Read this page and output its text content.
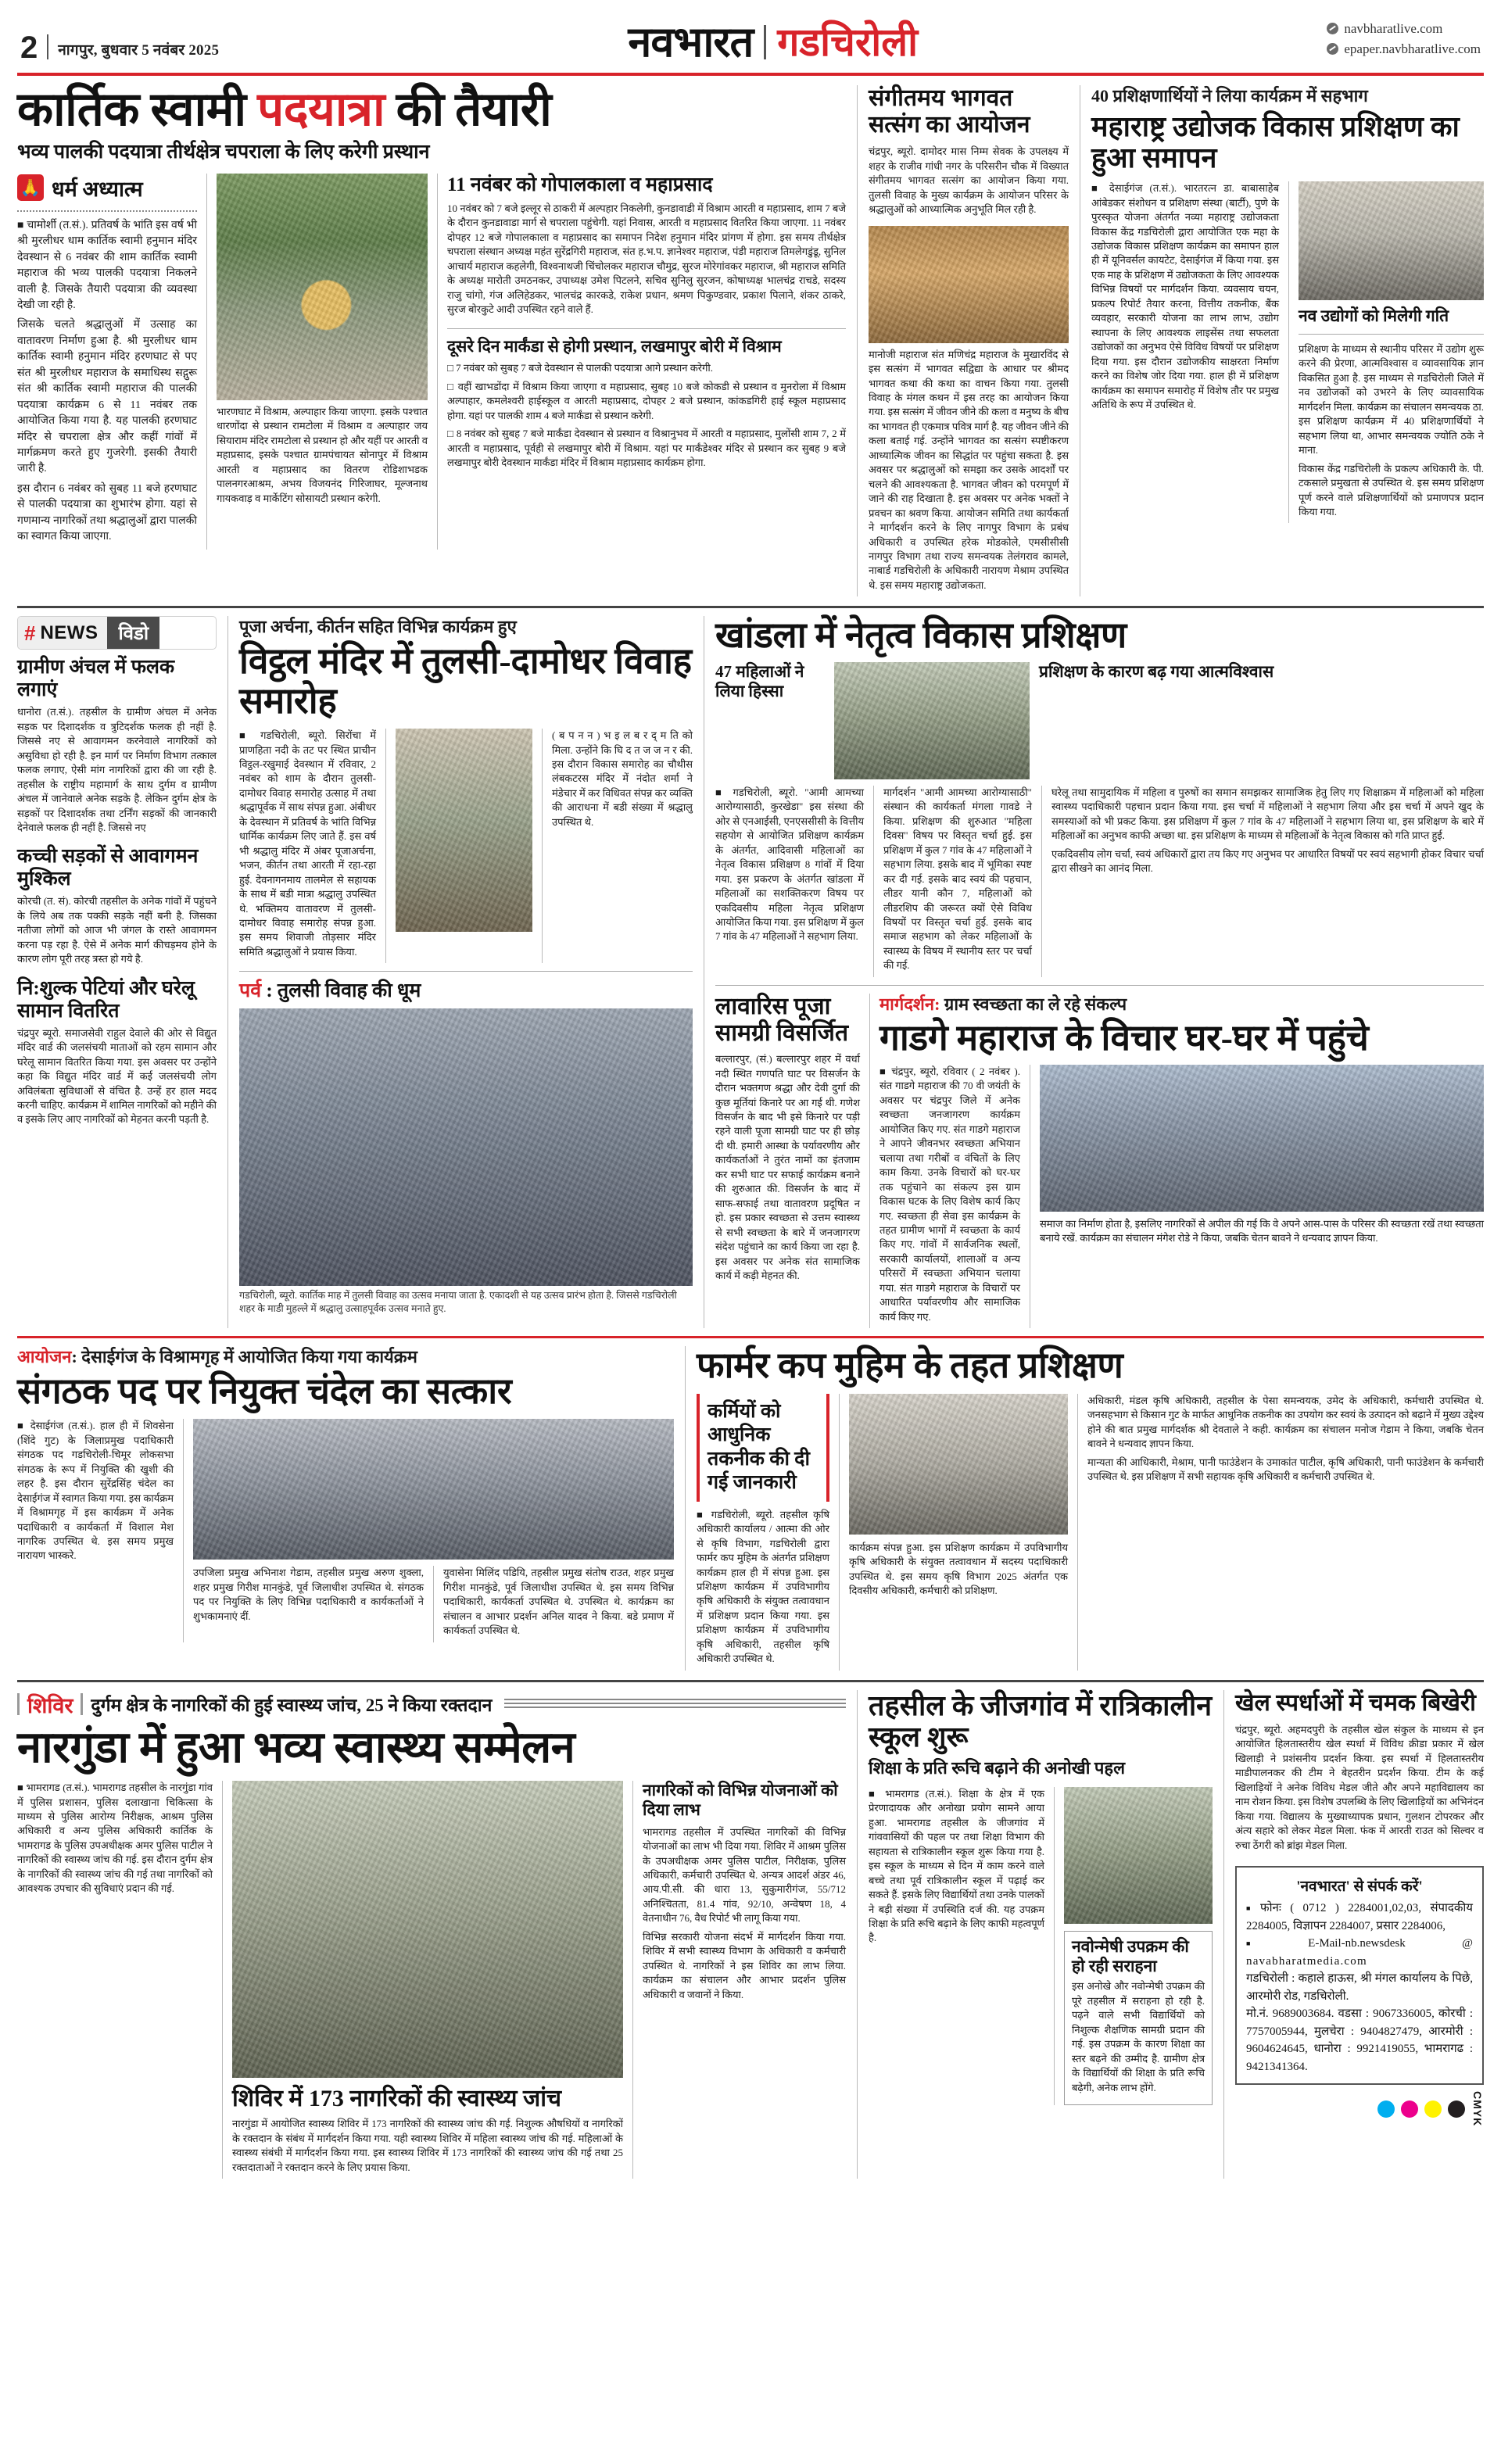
2 नागपुर, बुधवार 5 नवंबर 2025	नवभारत गडचिरोली	navbharatlive.com
epaper.navbharatlive.com
कार्तिक स्वामी पदयात्रा की तैयारी
भव्य पालकी पदयात्रा तीर्थक्षेत्र चपराला के लिए करेगी प्रस्थान
🙏 धर्म अध्यात्म

■ चामोर्शी (त.सं.). प्रतिवर्ष के भांति इस वर्ष भी श्री मुरलीधर धाम कार्तिक स्वामी हनुमान मंदिर देवस्थान से 6 नवंबर की शाम कार्तिक स्वामी महाराज की भव्य पालकी पदयात्रा निकलने वाली है. जिसके तैयारी पदयात्रा की व्यवस्था देखी जा रही है.

जिसके चलते श्रद्धालुओं में उत्साह का वातावरण निर्माण हुआ है. श्री मुरलीधर धाम कार्तिक स्वामी हनुमान मंदिर हरणघाट से पए संत श्री मुरलीधर महाराज के समाधिस्थ सद्गुरू संत श्री कार्तिक स्वामी महाराज की पालकी पदयात्रा कार्यक्रम 6 से 11 नवंबर तक आयोजित किया गया है. यह पालकी हरणघाट मंदिर से चपराला क्षेत्र और कहीं गांवों में मार्गक्रमण करते हुए गुजरेगी. इसकी तैयारी जारी है.

इस दौरान 6 नवंबर को सुबह 11 बजे हरणघाट से पालकी पदयात्रा का शुभारंभ होगा. यहां से गणमान्य नागरिकों तथा श्रद्धालुओं द्वारा पालकी का स्वागत किया जाएगा.

भारणघाट में विश्राम, अल्पाहार किया जाएगा. इसके पश्चात धारणोंदा से प्रस्थान रामटोला में विश्राम व अल्पाहार जय सियाराम मंदिर रामटोला से प्रस्थान हो और यहीं पर आरती व महाप्रसाद, इसके पश्चात ग्रामपंचायत सोनापुर में विश्राम आरती व महाप्रसाद का वितरण रोडिशाभडक पालनगरआश्रम, अभय विजयनंद गिरिजाघर, मूल्जनाथ गायकवाड़ व मार्केटिंग सोसायटी प्रस्थान करेगी.

11 नवंबर को गोपालकाला व महाप्रसाद

10 नवंबर को 7 बजे इल्लूर से ठाकरी में अल्पहार निकलेगी, कुनडावाडी में विश्राम आरती व महाप्रसाद, शाम 7 बजे के दौरान कुनडावाडा मार्ग से चपराला पहुंचेगी. यहां निवास, आरती व महाप्रसाद वितरित किया जाएगा. 11 नवंबर दोपहर 12 बजे गोपालकाला व महाप्रसाद का समापन निदेश हनुमान मंदिर प्रांगण में होगा. इस समय तीर्थक्षेत्र चपराला संस्थान अध्यक्ष महंत सुरेंद्रगिरी महाराज, संत ह.भ.प. ज्ञानेश्वर महाराज, पंडी महाराज तिमलेगडुंडू, सुनिल आचार्य महाराज कहलेगी, विश्वनाथजी चिंचोलकर महाराज चौमुद्र, सुरज मोरेगांवकर महाराज, श्री महाराज समिति के अध्यक्ष मारोती उमठनकर, उपाध्यक्ष उमेश पिटलने, सचिव सुनिलु सुरजन, कोषाध्यक्ष भालचंद्र राचडे, सदस्य राजु चांगो, गंज अलिहेडकर, भालचंद्र कारकडे, राकेश प्रधान, श्रमण पिकुण्डवार, प्रकाश पिलाने, शंकर ठाकरे, सुरज बोरकुटे आदी उपस्थित रहने वाले हैं.

दूसरे दिन मार्कंडा से होगी प्रस्थान, लखमापुर बोरी में विश्राम

□ 7 नवंबर को सुबह 7 बजे देवस्थान से पालकी पदयात्रा आगे प्रस्थान करेगी.

□ वहीं खाभडोंदा में विश्राम किया जाएगा व महाप्रसाद, सुबह 10 बजे कोकडी से प्रस्थान व मुनरोला में विश्राम अल्पाहार, कमलेश्वरी हाईस्कूल व आरती महाप्रसाद, दोपहर 2 बजे प्रस्थान, कांकडगिरी हाई स्कूल महाप्रसाद होगा. यहां पर पालकी शाम 4 बजे मार्कंडा से प्रस्थान करेगी.

□ 8 नवंबर को सुबह 7 बजे मार्कंडा देवस्थान से प्रस्थान व विश्रानुभव में आरती व महाप्रसाद, मुलोंसी शाम 7, 2 में आरती व महाप्रसाद, पूर्वही से लखमापुर बोरी में विश्राम. यहां पर मार्कंडेश्वर मंदिर से प्रस्थान कर सुबह 9 बजे लखमापुर बोरी देवस्थान मार्कंडा मंदिर में विश्राम महाप्रसाद कार्यक्रम होगा.

संगीतमय भागवत
सत्संग का आयोजन

चंद्रपुर, ब्यूरो. दामोदर मास निम्म सेवक के उपलक्ष्य में शहर के राजीव गांधी नगर के परिसरीन चौक में विख्यात संगीतमय भागवत सत्संग का आयोजन किया गया. तुलसी विवाह के मुख्य कार्यक्रम के आयोजन परिसर के श्रद्धालुओं को आध्यात्मिक अनुभूति मिल रही है.

मानोजी महाराज संत मणिचंद्र महाराज के मुखारविंद से इस सत्संग में भागवत सद्विद्या के आधार पर श्रीमद भागवत कथा की कथा का वाचन किया गया. तुलसी विवाह के मंगल कथन में इस तरह का आयोजन किया गया. इस सत्संग में जीवन जीने की कला व मनुष्य के बीच का भागवत ही एकमात्र पवित्र मार्ग है. यह जीवन जीने की कला बताई गई. उन्होंने भागवत का सत्संग स्पष्टीकरण आध्यात्मिक जीवन का सिद्धांत पर पहुंचा सकता है. इस अवसर पर श्रद्धालुओं को समझा कर उसके आदर्शों पर चलने की आवश्यकता है. भागवत जीवन को परमपूर्ण में जाने की राह दिखाता है. इस अवसर पर अनेक भक्तों ने प्रवचन का श्रवण किया. आयोजन समिति तथा कार्यकर्ता ने मार्गदर्शन करने के लिए नागपुर विभाग के प्रबंध अधिकारी व उपस्थित हरेक मोडकोले, एमसीसीसी नागपुर विभाग तथा राज्य समन्वयक तेलंगराव कामले, नाबार्ड गडचिरोली के अधिकारी नारायण मेश्राम उपस्थित थे. इस समय महाराष्ट्र उद्योजकता.

40 प्रशिक्षणार्थियों ने लिया कार्यक्रम में सहभाग
महाराष्ट्र उद्योजक विकास प्रशिक्षण का हुआ समापन

■ देसाईगंज (त.सं.). भारतरत्न डा. बाबासाहेब आंबेडकर संशोधन व प्रशिक्षण संस्था (बार्टी), पुणे के पुरस्कृत योजना अंतर्गत नव्या महाराष्ट्र उद्योजकता विकास केंद्र गडचिरोली द्वारा आयोजित एक महा के उद्योजक विकास प्रशिक्षण कार्यक्रम का समापन हाल ही में यूनिवर्सल कायटेट, देसाईगंज में किया गया. इस एक माह के प्रशिक्षण में उद्योजकता के लिए आवश्यक विभिन्न विषयों पर मार्गदर्शन किया. व्यवसाय चयन, प्रकल्प रिपोर्ट तैयार करना, वित्तीय तकनीक, बैंक व्यवहार, सरकारी योजना का लाभ लाभ, उद्योग स्थापना के लिए आवश्यक लाइसेंस तथा सफलता उद्योजकों का अनुभव ऐसे विविध विषयों पर प्रशिक्षण दिया गया. इस दौरान उद्योजकीय साक्षरता निर्माण करने का विशेष जोर दिया गया. हाल ही में प्रशिक्षण कार्यक्रम का समापन समारोह में विशेष तौर पर प्रमुख अतिथि के रूप में उपस्थित थे.

नव उद्योगों को मिलेगी गति

प्रशिक्षण के माध्यम से स्थानीय परिसर में उद्योग शुरू करने की प्रेरणा, आत्मविश्वास व व्यावसायिक ज्ञान विकसित हुआ है. इस माध्यम से गडचिरोली जिले में नव उद्योजकों को उभरने के लिए व्यावसायिक मार्गदर्शन मिला. कार्यक्रम का संचालन समन्वयक ठा. इस प्रशिक्षण कार्यक्रम में 40 प्रशिक्षणार्थियों ने सहभाग लिया था, आभार समन्वयक ज्योति ठके ने माना.

विकास केंद्र गडचिरोली के प्रकल्प अधिकारी के. पी. टकसाले प्रमुखता से उपस्थित थे. इस समय प्रशिक्षण पूर्ण करने वाले प्रशिक्षणार्थियों को प्रमाणपत्र प्रदान किया गया.

# NEWS	विडो
ग्रामीण अंचल में फलक लगाएं

धानोरा (त.सं.). तहसील के ग्रामीण अंचल में अनेक सड़क पर दिशादर्शक व त्रुटिदर्शक फलक ही नहीं है. जिससे नए से आवागमन करनेवाले नागरिकों को असुविधा हो रही है. इन मार्ग पर निर्माण विभाग तत्काल फलक लगाए, ऐसी मांग नागरिकों द्वारा की जा रही है. तहसील के राष्ट्रीय महामार्ग के साथ दुर्गम व ग्रामीण अंचल में जानेवाले अनेक सड़के है. लेकिन दुर्गम क्षेत्र के सड़कों पर दिशादर्शक तथा टर्निंग सड़कों की जानकारी देनेवाले फलक ही नहीं है. जिससे नए

कच्ची सड़कों से आवागमन मुश्किल

कोरची (त. सं). कोरची तहसील के अनेक गांवों में पहुंचने के लिये अब तक पक्की सड़के नहीं बनी है. जिसका नतीजा लोगों को आज भी जंगल के रास्ते आवागमन करना पड़ रहा है. ऐसे में अनेक मार्ग कीचड़मय होने के कारण लोग पूरी तरह त्रस्त हो गये है.

नि:शुल्क पेटियां और घरेलू सामान वितरित

चंद्रपुर ब्यूरो. समाजसेवी राहुल देवाले की ओर से विद्युत मंदिर वार्ड की जलसंचयी माताओं को रहम सामान और घरेलू सामान वितरित किया गया. इस अवसर पर उन्होंने कहा कि विद्युत मंदिर वार्ड में कई जलसंचयी लोग अविलंबता सुविधाओं से वंचित है. उन्हें हर हाल मदद करनी चाहिए. कार्यक्रम में शामिल नागरिकों को महीने की व इसके लिए आए नागरिकों को मेहनत करनी पड़ती है.

पूजा अर्चना, कीर्तन सहित विभिन्न कार्यक्रम हुए
विट्ठल मंदिर में तुलसी-दामोधर विवाह समारोह

■ गडचिरोली, ब्यूरो. सिरोंचा में प्राणहिता नदी के तट पर स्थित प्राचीन विट्ठल-रखुमाई देवस्थान में रविवार, 2 नवंबर को शाम के दौरान तुलसी-दामोधर विवाह समारोह उत्साह में तथा श्रद्धापूर्वक में साथ संपन्न हुआ. अंबीधर के देवस्थान में प्रतिवर्ष के भांति विभिन्न धार्मिक कार्यक्रम लिए जाते हैं. इस वर्ष भी श्रद्धालु मंदिर में अंबर पूजाअर्चना, भजन, कीर्तन तथा आरती में रहा-रहा हुई. देवनागनमाय तालमेल से सहायक के साथ में बडी मात्रा श्रद्धालु उपस्थित थे. भक्तिमय वातावरण में तुलसी-दामोधर विवाह समारोह संपन्न हुआ. इस समय शिवाजी तोड़सार मंदिर समिति श्रद्धालुओं ने प्रयास किया.

( ब प न न ) भ इ ल ब र द् म ति को मिला. उन्होंने कि घि द त ज ज न र की. इस दौरान विकास समारोह का चौथीस लंबकटरस मंदिर में नंदोत शर्मा ने मंडेचार में कर विधिवत संपन्न कर व्यक्ति की आराधना में बडी संख्या में श्रद्धालु उपस्थित थे.

पर्व : तुलसी विवाह की धूम
गडचिरोली, ब्यूरो. कार्तिक माह में तुलसी विवाह का उत्सव मनाया जाता है. एकादशी से यह उत्सव प्रारंभ होता है. जिससे गडचिरोली शहर के माडी मुहल्ले में श्रद्धालु उत्साहपूर्वक उत्सव मनाते हुए.
खांडला में नेतृत्व विकास प्रशिक्षण
47 महिलाओं ने लिया हिस्सा
प्रशिक्षण के कारण बढ़ गया आत्मविश्वास

■ गडचिरोली, ब्यूरो. "आमी आमच्या आरोग्यासाठी, कुरखेडा" इस संस्था की ओर से एनआईसी, एनएससीसी के वित्तीय सहयोग से आयोजित प्रशिक्षण कार्यक्रम के अंतर्गत, आदिवासी महिलाओं का नेतृत्व विकास प्रशिक्षण 8 गांवों में दिया गया. इस प्रकरण के अंतर्गत खांडला में महिलाओं का सशक्तिकरण विषय पर एकदिवसीय महिला नेतृत्व प्रशिक्षण आयोजित किया गया. इस प्रशिक्षण में कुल 7 गांव के 47 महिलाओं ने सहभाग लिया.

मार्गदर्शन "आमी आमच्या आरोग्यासाठी" संस्थान की कार्यकर्ता मंगला गावडे ने किया. प्रशिक्षण की शुरुआत "महिला दिवस" विषय पर विस्तृत चर्चा हुई. इस प्रशिक्षण में कुल 7 गांव के 47 महिलाओं ने सहभाग लिया. इसके बाद में भूमिका स्पष्ट कर दी गई. इसके बाद स्वयं की पहचान, लीडर यानी कौन 7, महिलाओं को लीडरशिप की जरूरत क्यों ऐसे विविध विषयों पर विस्तृत चर्चा हुई. इसके बाद समाज सहभाग को लेकर महिलाओं के स्वास्थ्य के विषय में स्थानीय स्तर पर चर्चा की गई.

घरेलू तथा सामुदायिक में महिला व पुरुषों का समान समझकर सामाजिक हेतु लिए गए शिक्षाक्रम में महिलाओं को महिला स्वास्थ्य पदाधिकारी पहचान प्रदान किया गया. इस चर्चा में महिलाओं ने सहभाग लिया और इस चर्चा में अपने खुद के समस्याओं को भी प्रकट किया. इस प्रशिक्षण में कुल 7 गांव के 47 महिलाओं ने सहभाग लिया था, इस प्रशिक्षण के बारे में महिलाओं का अनुभव काफी अच्छा था. इस प्रशिक्षण के माध्यम से महिलाओं के नेतृत्व विकास को गति प्राप्त हुई.

एकदिवसीय लोग चर्चा, स्वयं अधिकारों द्वारा तय किए गए अनुभव पर आधारित विषयों पर स्वयं सहभागी होकर विचार चर्चा द्वारा सीखने का आनंद मिला.

लावारिस पूजा सामग्री विसर्जित

बल्लारपुर, (सं.) बल्लारपुर शहर में वर्धा नदी स्थित गणपति घाट पर विसर्जन के दौरान भक्तगण श्रद्धा और देवी दुर्गा की कुछ मूर्तियां किनारे पर आ गई थी. गणेश विसर्जन के बाद भी इसे किनारे पर पड़ी रहने वाली पूजा सामग्री घाट पर ही छोड़ दी थी. हमारी आस्था के पर्यावरणीय और कार्यकर्ताओं ने तुरंत नामों का इंतजाम कर सभी घाट पर सफाई कार्यक्रम बनाने की शुरुआत की. विसर्जन के बाद में साफ-सफाई तथा वातावरण प्रदूषित न हो. इस प्रकार स्वच्छता से उत्तम स्वास्थ्य से सभी स्वच्छता के बारे में जनजागरण संदेश पहुंचाने का कार्य किया जा रहा है. इस अवसर पर अनेक संत सामाजिक कार्य में कड़ी मेहनत की.

मार्गदर्शन: ग्राम स्वच्छता का ले रहे संकल्प
गाडगे महाराज के विचार घर-घर में पहुंचे

■ चंद्रपुर, ब्यूरो, रविवार ( 2 नवंबर ). संत गाडगे महाराज की 70 वी जयंती के अवसर पर चंद्रपुर जिले में अनेक स्वच्छता जनजागरण कार्यक्रम आयोजित किए गए. संत गाडगे महाराज ने आपने जीवनभर स्वच्छता अभियान चलाया तथा गरीबों व वंचितों के लिए काम किया. उनके विचारों को घर-घर तक पहुंचाने का संकल्प इस ग्राम विकास घटक के लिए विशेष कार्य किए गए. स्वच्छता ही सेवा इस कार्यक्रम के तहत ग्रामीण भागों में स्वच्छता के कार्य किए गए. गांवों में सार्वजनिक स्थलों, सरकारी कार्यालयों, शालाओं व अन्य परिसरों में स्वच्छता अभियान चलाया गया. संत गाडगे महाराज के विचारों पर आधारित पर्यावरणीय और सामाजिक कार्य किए गए.

समाज का निर्माण होता है, इसलिए नागरिकों से अपील की गई कि वे अपने आस-पास के परिसर की स्वच्छता रखें तथा स्वच्छता बनाये रखें. कार्यक्रम का संचालन मंगेश रोडे ने किया, जबकि चेतन बावने ने धन्यवाद ज्ञापन किया.

आयोजन: देसाईगंज के विश्रामगृह में आयोजित किया गया कार्यक्रम
संगठक पद पर नियुक्त चंदेल का सत्कार

■ देसाईगंज (त.सं.). हाल ही में शिवसेना (शिंदे गुट) के जिलाप्रमुख पदाधिकारी संगठक पद गडचिरोली-चिमूर लोकसभा संगठक के रूप में नियुक्ति की खुशी की लहर है. इस दौरान सुरेंद्रसिंह चंदेल का देसाईगंज में स्वागत किया गया. इस कार्यक्रम में विश्रामगृह में इस कार्यक्रम में अनेक पदाधिकारी व कार्यकर्ता में विशाल मेश नागरिक उपस्थित थे. इस समय प्रमुख नारायण भास्करे.

उपजिला प्रमुख अभिनाश गेडाम, तहसील प्रमुख अरुण शुक्ला, शहर प्रमुख गिरीश मानकुंडे, पूर्व जिलाधीश उपस्थित थे. संगठक पद पर नियुक्ति के लिए विभिन्न पदाधिकारी व कार्यकर्ताओं ने शुभकामनाएं दीं.

युवासेना मिलिंद पडियि, तहसील प्रमुख संतोष राउत, शहर प्रमुख गिरीश मानकुंडे, पूर्व जिलाधीश उपस्थित थे. इस समय विभिन्न पदाधिकारी, कार्यकर्ता उपस्थित थे. उपस्थित थे. कार्यक्रम का संचालन व आभार प्रदर्शन अनिल यादव ने किया. बडे प्रमाण में कार्यकर्ता उपस्थित थे.

फार्मर कप मुहिम के तहत प्रशिक्षण
कर्मियों को आधुनिक तकनीक की दी गई जानकारी

■ गडचिरोली, ब्यूरो. तहसील कृषि अधिकारी कार्यालय / आत्मा की ओर से कृषि विभाग, गडचिरोली द्वारा फार्मर कप मुहिम के अंतर्गत प्रशिक्षण कार्यक्रम हाल ही में संपन्न हुआ. इस प्रशिक्षण कार्यक्रम में उपविभागीय कृषि अधिकारी के संयुक्त तत्वावधान में प्रशिक्षण प्रदान किया गया. इस प्रशिक्षण कार्यक्रम में उपविभागीय कृषि अधिकारी, तहसील कृषि अधिकारी उपस्थित थे.

कार्यक्रम संपन्न हुआ. इस प्रशिक्षण कार्यक्रम में उपविभागीय कृषि अधिकारी के संयुक्त तत्वावधान में सदस्य पदाधिकारी उपस्थित थे. इस समय कृषि विभाग 2025 अंतर्गत एक दिवसीय अधिकारी, कर्मचारी को प्रशिक्षण.

अधिकारी, मंडल कृषि अधिकारी, तहसील के पेसा समन्वयक, उमेद के अधिकारी, कर्मचारी उपस्थित थे. जनसहभाग से किसान गुट के मार्फत आधुनिक तकनीक का उपयोग कर स्वयं के उत्पादन को बढ़ाने में मुख्य उद्देश्य होने की बात प्रमुख मार्गदर्शक श्री देवताले ने कही. कार्यक्रम का संचालन मनोज गेडाम ने किया, जबकि चेतन बावने ने धन्यवाद ज्ञापन किया.

मान्यता की आधिकारी, मेश्राम, पानी फाउंडेशन के उमाकांत पाटील, कृषि अधिकारी, पानी फाउंडेशन के कर्मचारी उपस्थित थे. इस प्रशिक्षण में सभी सहायक कृषि अधिकारी व कर्मचारी उपस्थित थे.

शिविर दुर्गम क्षेत्र के नागरिकों की हुई स्वास्थ्य जांच, 25 ने किया रक्तदान
नारगुंडा में हुआ भव्य स्वास्थ्य सम्मेलन

■ भामरागड (त.सं.). भामरागड तहसील के नारगुंडा गांव में पुलिस प्रशासन, पुलिस दलाखाना चिकित्सा के माध्यम से पुलिस आरोग्य निरीक्षक, आश्रम पुलिस अधिकारी व अन्य पुलिस अधिकारी कार्तिक के भामरागड के पुलिस उपअधीक्षक अमर पुलिस पाटील ने नागरिकों की स्वास्थ्य जांच की गई. इस दौरान दुर्गम क्षेत्र के नागरिकों की स्वास्थ्य जांच की गई तथा नागरिकों को आवश्यक उपचार की सुविधाएं प्रदान की गई.

शिविर में 173 नागरिकों की स्वास्थ्य जांच

नारगुंडा में आयोजित स्वास्थ्य शिविर में 173 नागरिकों की स्वास्थ्य जांच की गई. निशुल्क औषधियों व नागरिकों के रक्तदान के संबंध में मार्गदर्शन किया गया. यही स्वास्थ्य शिविर में महिला स्वास्थ्य जांच की गई. महिलाओं के स्वास्थ्य संबंधी में मार्गदर्शन किया गया. इस स्वास्थ्य शिविर में 173 नागरिकों की स्वास्थ्य जांच की गई तथा 25 रक्तदाताओं ने रक्तदान करने के लिए प्रयास किया.

नागरिकों को विभिन्न योजनाओं को दिया लाभ

भामरागड तहसील में उपस्थित नागरिकों की विभिन्न योजनाओं का लाभ भी दिया गया. शिविर में आश्रम पुलिस के उपअधीक्षक अमर पुलिस पाटील, निरीक्षक, पुलिस अधिकारी, कर्मचारी उपस्थित थे. अन्यत्र आदर्श अंडर 46, आय.पी.सी. की धारा 13, सुकुमारीगंज, 55/712 अनिश्चितता, 81.4 गांव, 92/10, अन्वेषण 18, 4 वेतनाधीन 76, वैध रिपोर्ट भी लागू किया गया.

विभिन्न सरकारी योजना संदर्भ में मार्गदर्शन किया गया. शिविर में सभी स्वास्थ्य विभाग के अधिकारी व कर्मचारी उपस्थित थे. नागरिकों ने इस शिविर का लाभ लिया. कार्यक्रम का संचालन और आभार प्रदर्शन पुलिस अधिकारी व जवानों ने किया.

तहसील के जीजगांव में रात्रिकालीन स्कूल शुरू
शिक्षा के प्रति रूचि बढ़ाने की अनोखी पहल

■ भामरागड (त.सं.). शिक्षा के क्षेत्र में एक प्रेरणादायक और अनोखा प्रयोग सामने आया हुआ. भामरागड तहसील के जीजगांव में गांववासियों की पहल पर तथा शिक्षा विभाग की सहायता से रात्रिकालीन स्कूल शुरू किया गया है. इस स्कूल के माध्यम से दिन में काम करने वाले बच्चे तथा पूर्व रात्रिकालीन स्कूल में पढ़ाई कर सकते हैं. इसके लिए विद्यार्थियों तथा उनके पालकों ने बड़ी संख्या में उपस्थिति दर्ज की. यह उपक्रम शिक्षा के प्रति रूचि बढ़ाने के लिए काफी महत्वपूर्ण है.	नवोन्मेषी उपक्रम की हो रही सराहना

इस अनोखे और नवोन्मेषी उपक्रम की पूरे तहसील में सराहना हो रही है. पढ़ने वाले सभी विद्यार्थियों को निशुल्क शैक्षणिक सामग्री प्रदान की गई. इस उपक्रम के कारण शिक्षा का स्तर बढ़ने की उम्मीद है. ग्रामीण क्षेत्र के विद्यार्थियों की शिक्षा के प्रति रूचि बढ़ेगी, अनेक लाभ होंगे.

खेल स्पर्धाओं में चमक बिखेरी

चंद्रपुर, ब्यूरो. अहमदपुरी के तहसील खेल संकुल के माध्यम से इन आयोजित हिलतास्तरीय खेल स्पर्धा में विविध क्रीडा प्रकार में खेल खिलाड़ी ने प्रशंसनीय प्रदर्शन किया. इस स्पर्धा में हिलतास्तरीय माडीपालनकर की टीम ने बेहतरीन प्रदर्शन किया. टीम के कई खिलाड़ियों ने अनेक विविध मेडल जीते और अपने महाविद्यालय का नाम रोशन किया. इस विशेष उपलब्धि के लिए खिलाड़ियों का अभिनंदन किया गया. विद्यालय के मुख्याध्यापक प्रधान, गुलशन टोपरकर और अंत्य सहारे को लेकर मेडल मिला. फंक में आरती राउत को सिल्वर व रुचा ठेंगरी को ब्रांझ मेडल मिला.

'नवभारत' से संपर्क करें'
■ फोनः ( 0712 ) 2284001,02,03, संपादकीय 2284005, विज्ञापन 2284007, प्रसार 2284006,
■ E-Mail-nb.newsdesk @ navabharatmedia.com
गडचिरोली : कहाले हाऊस, श्री मंगल कार्यालय के पिछे, आरमोरी रोड, गडचिरोली.
मो.नं. 9689003684. वडसा : 9067336005, कोरची : 7757005944, मुलचेरा : 9404827479, आरमोरी : 9604624645, धानोरा : 9921419055, भामरागढ : 9421341364.
CMYK
